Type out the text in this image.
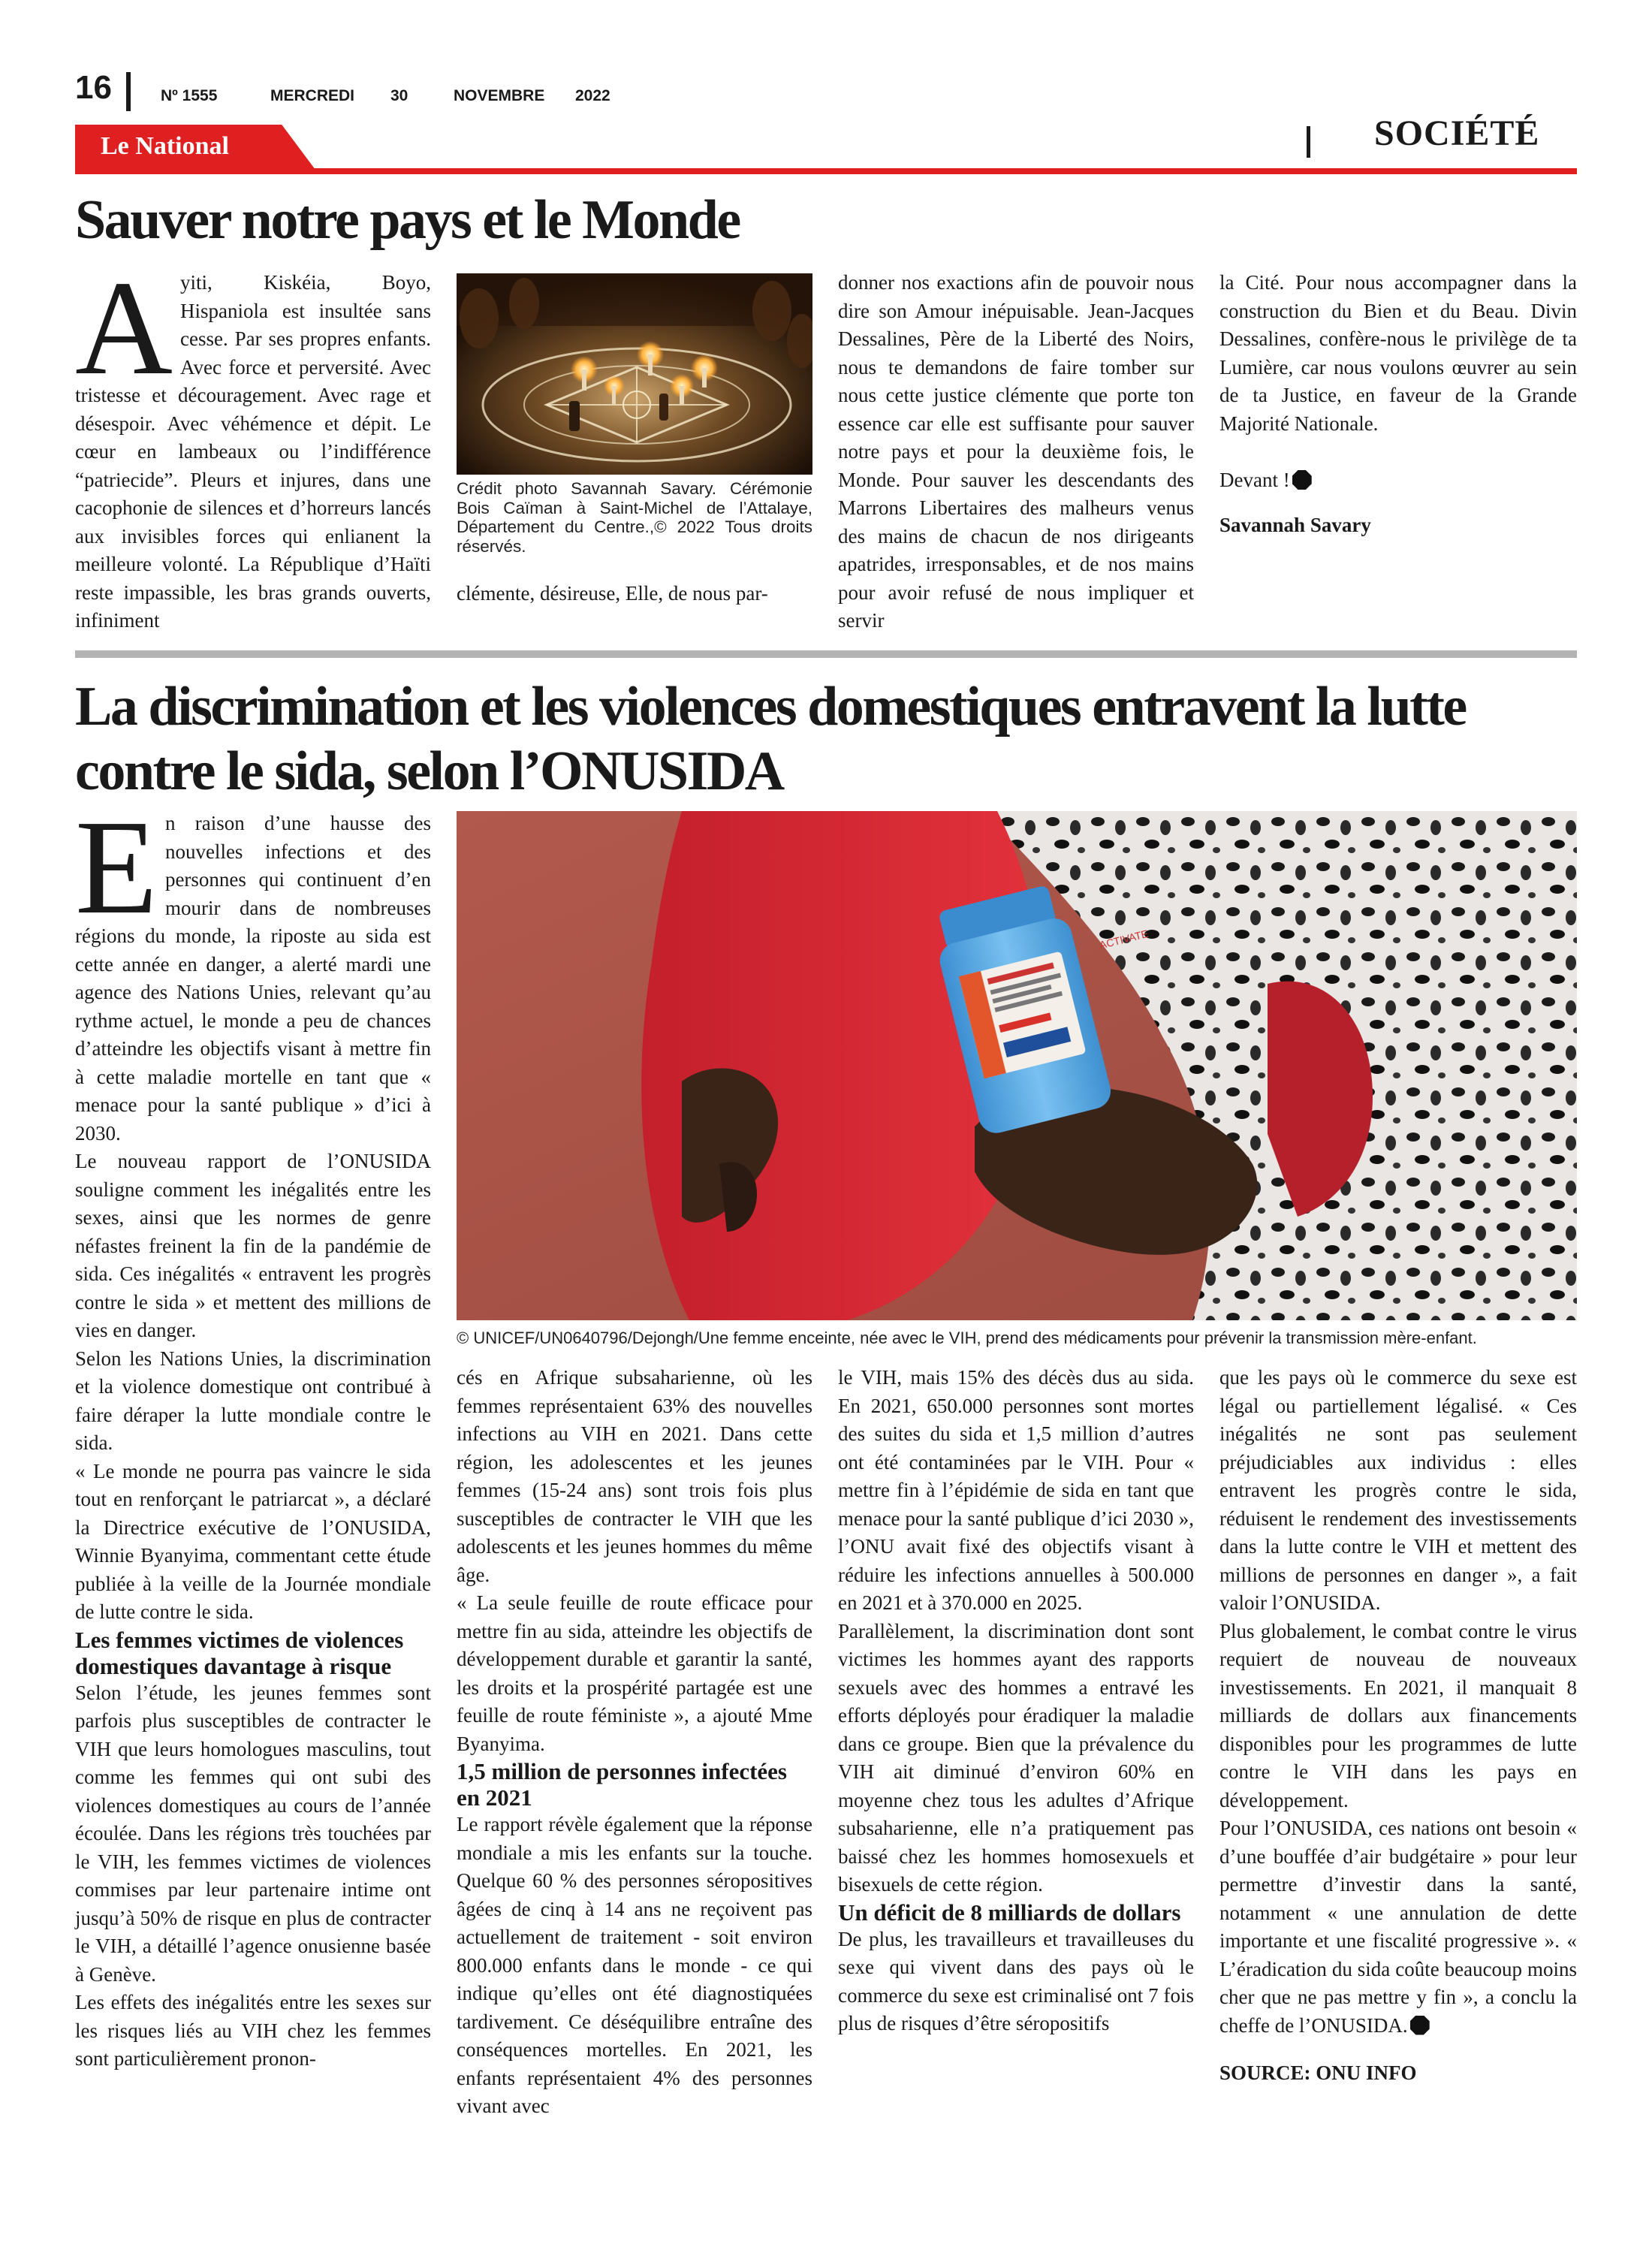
16	Nº 1555	MERCREDI 30	NOVEMBRE 2022
Le National	SOCIÉTÉ
Sauver notre pays et le Monde

Ayiti, Kiskéia, Boyo, Hispaniola est insultée sans cesse. Par ses propres enfants. Avec force et perversité. Avec tristesse et découragement. Avec rage et désespoir. Avec véhémence et dépit. Le cœur en lambeaux ou l’indifférence “patriecide”. Pleurs et injures, dans une cacophonie de silences et d’horreurs lancés aux invisibles forces qui enlianent la meilleure volonté. La République d’Haïti reste impassible, les bras grands ouverts, infiniment

Crédit photo Savannah Savary. Cérémonie Bois Caïman à Saint-Michel de l’Attalaye, Département du Centre.,© 2022 Tous droits réservés.

clémente, désireuse, Elle, de nous par-

donner nos exactions afin de pouvoir nous dire son Amour inépuisable. Jean-Jacques Dessalines, Père de la Liberté des Noirs, nous te demandons de faire tomber sur nous cette justice clémente que porte ton essence car elle est suffisante pour sauver notre pays et pour la deuxième fois, le Monde. Pour sauver les descendants des Marrons Libertaires des malheurs venus des mains de chacun de nos dirigeants apatrides, irresponsables, et de nos mains pour avoir refusé de nous impliquer et servir

la Cité. Pour nous accompagner dans la construction du Bien et du Beau. Divin Dessalines, confère-nous le privilège de ta Lumière, car nous voulons œuvrer au sein de ta Justice, en faveur de la Grande Majorité Nationale.

Devant !

Savannah Savary

La discrimination et les violences domestiques entravent la lutte contre le sida, selon l’ONUSIDA

En raison d’une hausse des nouvelles infections et des personnes qui continuent d’en mourir dans de nombreuses régions du monde, la riposte au sida est cette année en danger, a alerté mardi une agence des Nations Unies, relevant qu’au rythme actuel, le monde a peu de chances d’atteindre les objectifs visant à mettre fin à cette maladie mortelle en tant que « menace pour la santé publique » d’ici à 2030.

Le nouveau rapport de l’ONUSIDA souligne comment les inégalités entre les sexes, ainsi que les normes de genre néfastes freinent la fin de la pandémie de sida. Ces inégalités « entravent les progrès contre le sida » et mettent des millions de vies en danger.

Selon les Nations Unies, la discrimination et la violence domestique ont contribué à faire déraper la lutte mondiale contre le sida.

« Le monde ne pourra pas vaincre le sida tout en renforçant le patriarcat », a déclaré la Directrice exécutive de l’ONUSIDA, Winnie Byanyima, commentant cette étude publiée à la veille de la Journée mondiale de lutte contre le sida.

Les femmes victimes de violences domestiques davantage à risque

Selon l’étude, les jeunes femmes sont parfois plus susceptibles de contracter le VIH que leurs homologues masculins, tout comme les femmes qui ont subi des violences domestiques au cours de l’année écoulée. Dans les régions très touchées par le VIH, les femmes victimes de violences commises par leur partenaire intime ont jusqu’à 50% de risque en plus de contracter le VIH, a détaillé l’agence onusienne basée à Genève.

Les effets des inégalités entre les sexes sur les risques liés au VIH chez les femmes sont particulièrement pronon-

ACTIVATE
© UNICEF/UN0640796/Dejongh/Une femme enceinte, née avec le VIH, prend des médicaments pour prévenir la transmission mère-enfant.

cés en Afrique subsaharienne, où les femmes représentaient 63% des nouvelles infections au VIH en 2021. Dans cette région, les adolescentes et les jeunes femmes (15-24 ans) sont trois fois plus susceptibles de contracter le VIH que les adolescents et les jeunes hommes du même âge.

« La seule feuille de route efficace pour mettre fin au sida, atteindre les objectifs de développement durable et garantir la santé, les droits et la prospérité partagée est une feuille de route féministe », a ajouté Mme Byanyima.

1,5 million de personnes infectées en 2021

Le rapport révèle également que la réponse mondiale a mis les enfants sur la touche. Quelque 60 % des personnes séropositives âgées de cinq à 14 ans ne reçoivent pas actuellement de traitement - soit environ 800.000 enfants dans le monde - ce qui indique qu’elles ont été diagnostiquées tardivement. Ce déséquilibre entraîne des conséquences mortelles. En 2021, les enfants représentaient 4% des personnes vivant avec

le VIH, mais 15% des décès dus au sida. En 2021, 650.000 personnes sont mortes des suites du sida et 1,5 million d’autres ont été contaminées par le VIH. Pour « mettre fin à l’épidémie de sida en tant que menace pour la santé publique d’ici 2030 », l’ONU avait fixé des objectifs visant à réduire les infections annuelles à 500.000 en 2021 et à 370.000 en 2025.

Parallèlement, la discrimination dont sont victimes les hommes ayant des rapports sexuels avec des hommes a entravé les efforts déployés pour éradiquer la maladie dans ce groupe. Bien que la prévalence du VIH ait diminué d’environ 60% en moyenne chez tous les adultes d’Afrique subsaharienne, elle n’a pratiquement pas baissé chez les hommes homosexuels et bisexuels de cette région.

Un déficit de 8 milliards de dollars

De plus, les travailleurs et travailleuses du sexe qui vivent dans des pays où le commerce du sexe est criminalisé ont 7 fois plus de risques d’être séropositifs

que les pays où le commerce du sexe est légal ou partiellement légalisé. « Ces inégalités ne sont pas seulement préjudiciables aux individus : elles entravent les progrès contre le sida, réduisent le rendement des investissements dans la lutte contre le VIH et mettent des millions de personnes en danger », a fait valoir l’ONUSIDA.

Plus globalement, le combat contre le virus requiert de nouveau de nouveaux investissements. En 2021, il manquait 8 milliards de dollars aux financements disponibles pour les programmes de lutte contre le VIH dans les pays en développement.

Pour l’ONUSIDA, ces nations ont besoin « d’une bouffée d’air budgétaire » pour leur permettre d’investir dans la santé, notamment « une annulation de dette importante et une fiscalité progressive ». « L’éradication du sida coûte beaucoup moins cher que ne pas mettre y fin », a conclu la cheffe de l’ONUSIDA.

SOURCE: ONU INFO
